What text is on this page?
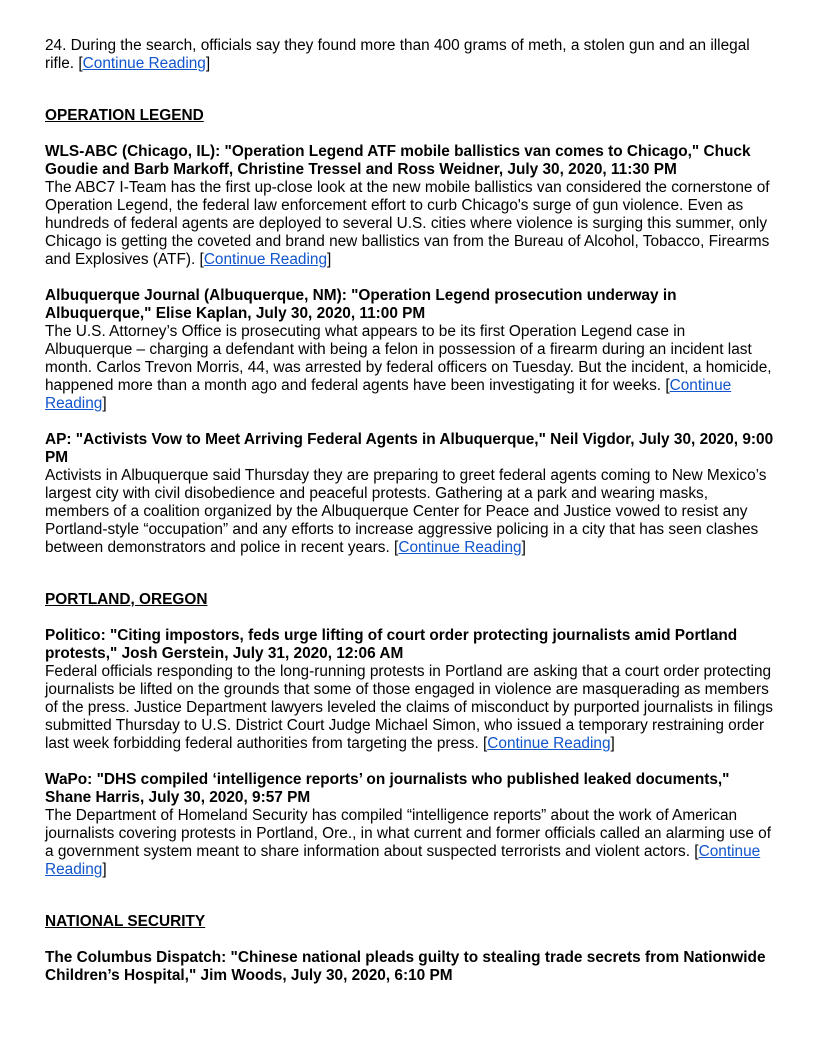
24. During the search, officials say they found more than 400 grams of meth, a stolen gun and an illegal rifle. [Continue Reading]

OPERATION LEGEND

WLS-ABC (Chicago, IL): "Operation Legend ATF mobile ballistics van comes to Chicago," Chuck Goudie and Barb Markoff, Christine Tressel and Ross Weidner, July 30, 2020, 11:30 PM

The ABC7 I-Team has the first up-close look at the new mobile ballistics van considered the cornerstone of Operation Legend, the federal law enforcement effort to curb Chicago's surge of gun violence. Even as hundreds of federal agents are deployed to several U.S. cities where violence is surging this summer, only Chicago is getting the coveted and brand new ballistics van from the Bureau of Alcohol, Tobacco, Firearms and Explosives (ATF). [Continue Reading]

Albuquerque Journal (Albuquerque, NM): "Operation Legend prosecution underway in Albuquerque," Elise Kaplan, July 30, 2020, 11:00 PM

The U.S. Attorney’s Office is prosecuting what appears to be its first Operation Legend case in Albuquerque – charging a defendant with being a felon in possession of a firearm during an incident last month. Carlos Trevon Morris, 44, was arrested by federal officers on Tuesday. But the incident, a homicide, happened more than a month ago and federal agents have been investigating it for weeks. [Continue Reading]

AP: "Activists Vow to Meet Arriving Federal Agents in Albuquerque," Neil Vigdor, July 30, 2020, 9:00 PM

Activists in Albuquerque said Thursday they are preparing to greet federal agents coming to New Mexico’s largest city with civil disobedience and peaceful protests. Gathering at a park and wearing masks, members of a coalition organized by the Albuquerque Center for Peace and Justice vowed to resist any Portland-style “occupation” and any efforts to increase aggressive policing in a city that has seen clashes between demonstrators and police in recent years. [Continue Reading]

PORTLAND, OREGON

Politico: "Citing impostors, feds urge lifting of court order protecting journalists amid Portland protests," Josh Gerstein, July 31, 2020, 12:06 AM

Federal officials responding to the long-running protests in Portland are asking that a court order protecting journalists be lifted on the grounds that some of those engaged in violence are masquerading as members of the press. Justice Department lawyers leveled the claims of misconduct by purported journalists in filings submitted Thursday to U.S. District Court Judge Michael Simon, who issued a temporary restraining order last week forbidding federal authorities from targeting the press. [Continue Reading]

WaPo: "DHS compiled ‘intelligence reports’ on journalists who published leaked documents," Shane Harris, July 30, 2020, 9:57 PM

The Department of Homeland Security has compiled “intelligence reports” about the work of American journalists covering protests in Portland, Ore., in what current and former officials called an alarming use of a government system meant to share information about suspected terrorists and violent actors. [Continue Reading]

NATIONAL SECURITY

The Columbus Dispatch: "Chinese national pleads guilty to stealing trade secrets from Nationwide Children’s Hospital," Jim Woods, July 30, 2020, 6:10 PM
